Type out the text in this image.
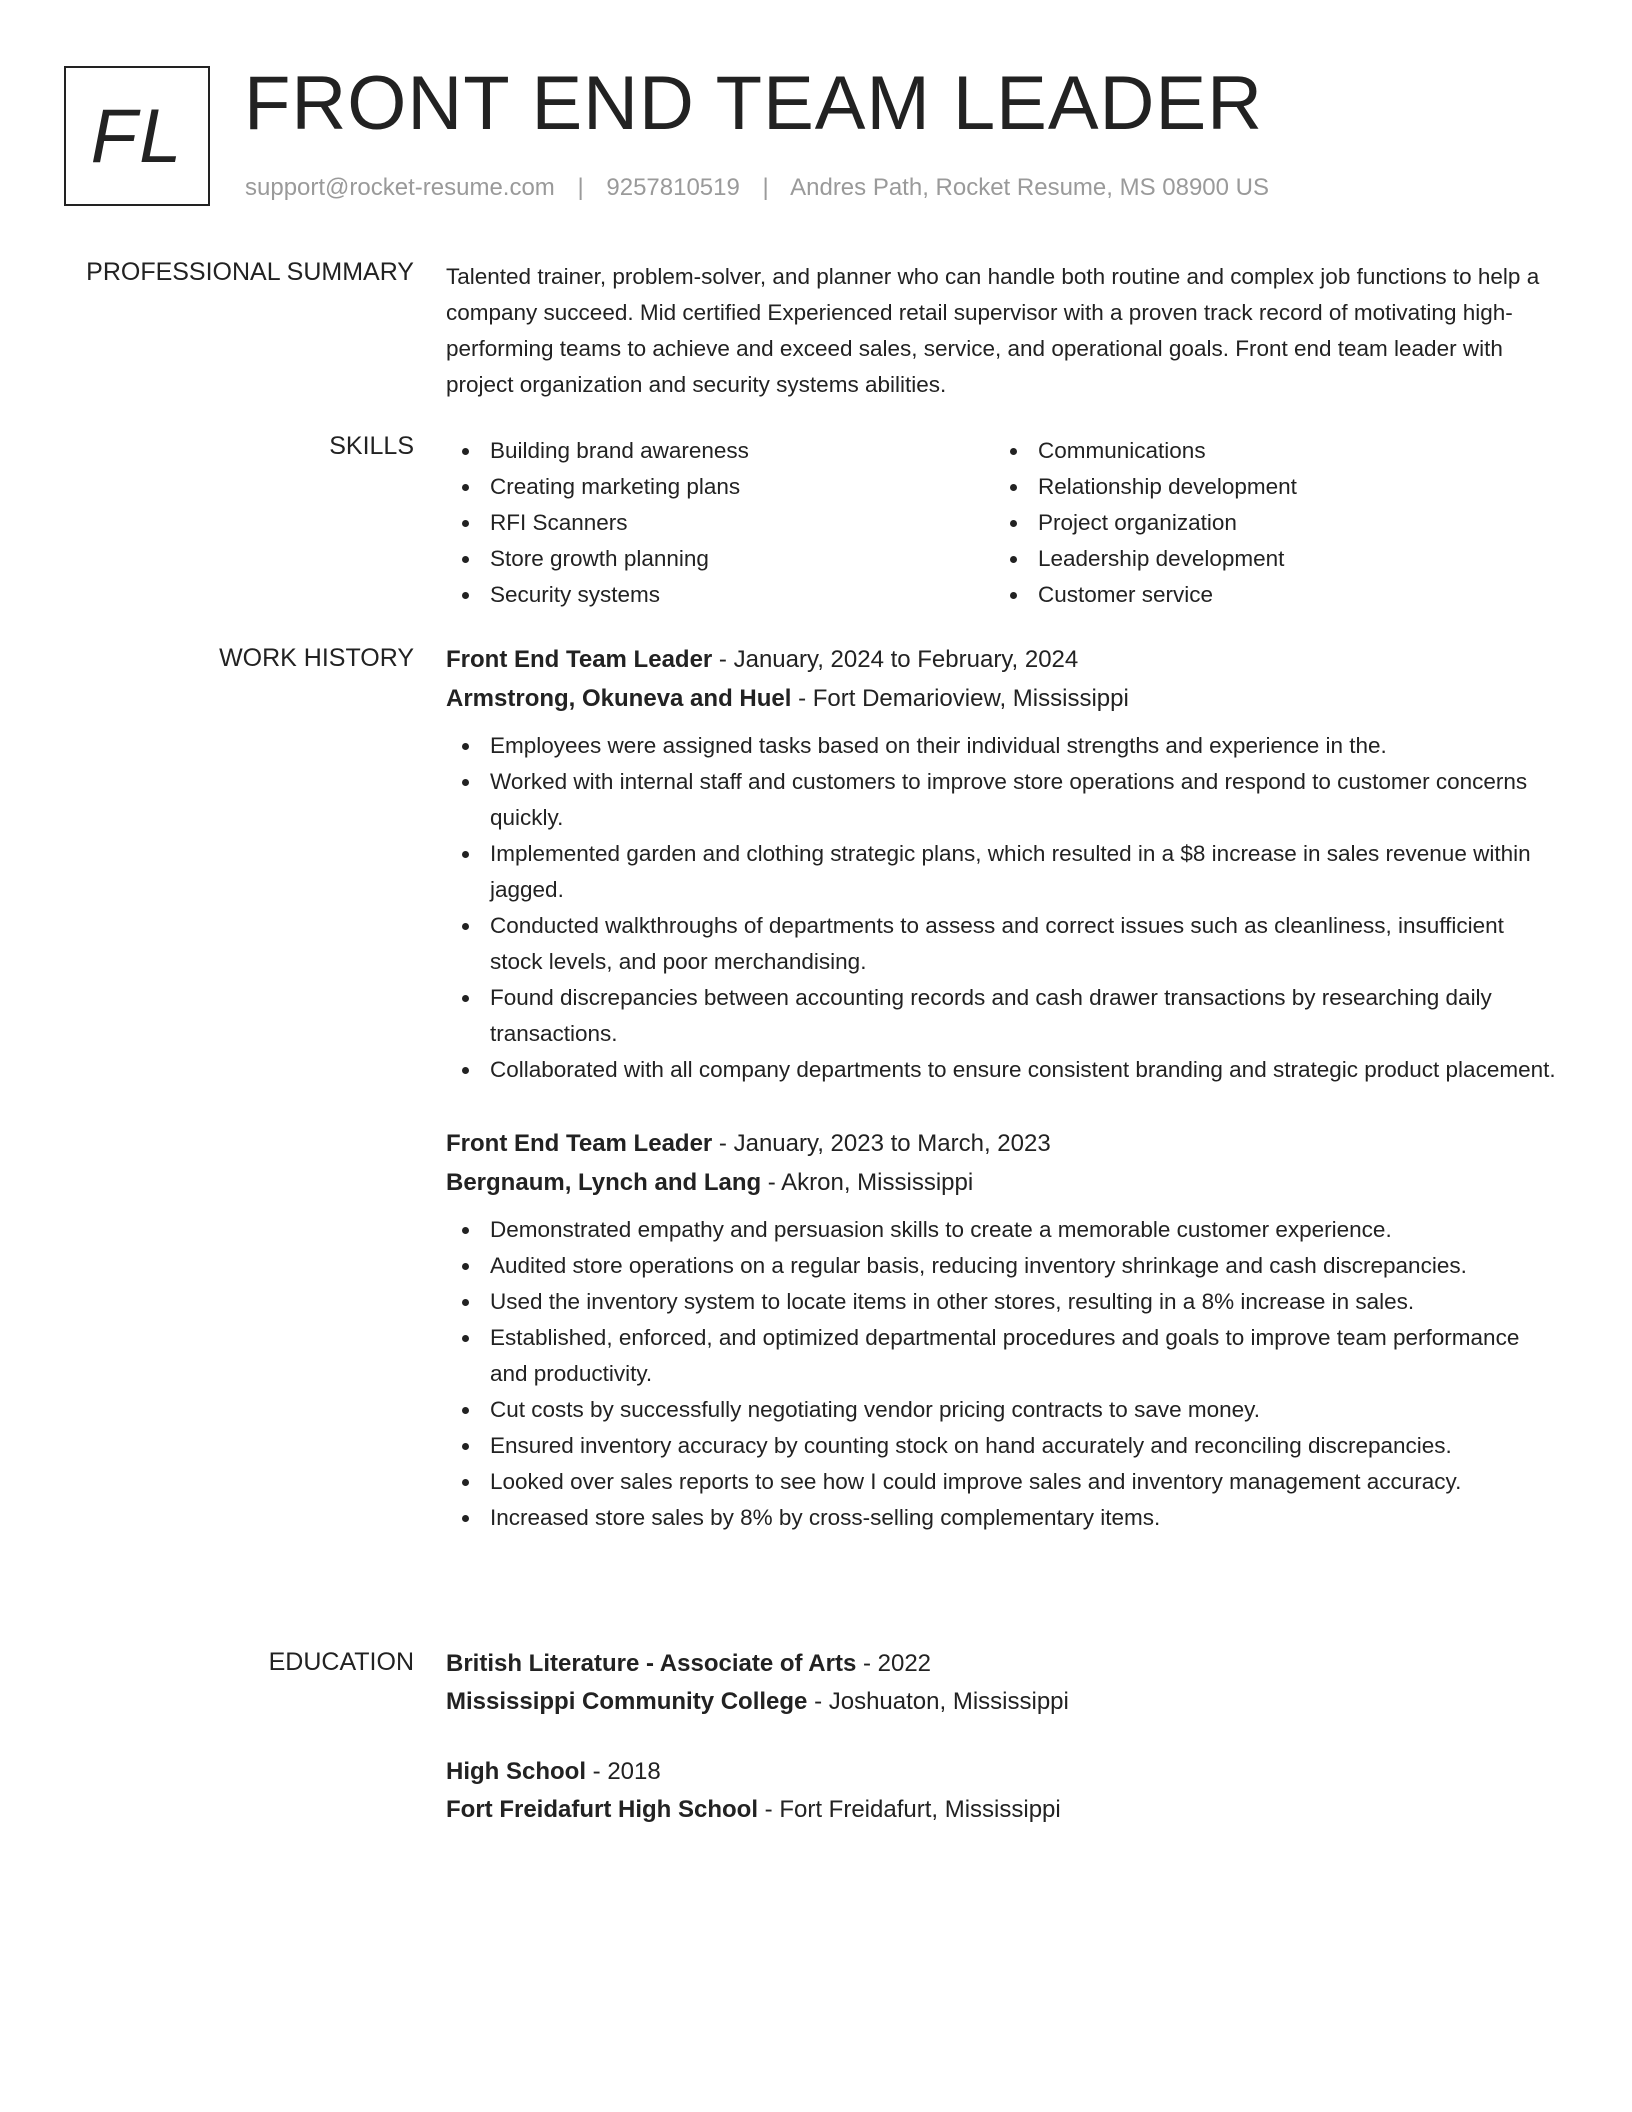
FL FRONT END TEAM LEADER
support@rocket-resume.com | 9257810519 | Andres Path, Rocket Resume, MS 08900 US
PROFESSIONAL SUMMARY Talented trainer, problem-solver, and planner who can handle both routine and complex job functions to help a company succeed. Mid certified Experienced retail supervisor with a proven track record of motivating high-performing teams to achieve and exceed sales, service, and operational goals. Front end team leader with project organization and security systems abilities.

SKILLS	Building brand awareness
Creating marketing plans
RFI Scanners
Store growth planning
Security systems
Communications
Relationship development
Project organization
Leadership development
Customer service
WORK HISTORY Front End Team Leader - January, 2024 to February, 2024
Armstrong, Okuneva and Huel - Fort Demarioview, Mississippi
Employees were assigned tasks based on their individual strengths and experience in the.
Worked with internal staff and customers to improve store operations and respond to customer concerns quickly.
Implemented garden and clothing strategic plans, which resulted in a $8 increase in sales revenue within jagged.
Conducted walkthroughs of departments to assess and correct issues such as cleanliness, insufficient stock levels, and poor merchandising.
Found discrepancies between accounting records and cash drawer transactions by researching daily transactions.
Collaborated with all company departments to ensure consistent branding and strategic product placement.
Front End Team Leader - January, 2023 to March, 2023
Bergnaum, Lynch and Lang - Akron, Mississippi
Demonstrated empathy and persuasion skills to create a memorable customer experience.
Audited store operations on a regular basis, reducing inventory shrinkage and cash discrepancies.
Used the inventory system to locate items in other stores, resulting in a 8% increase in sales.
Established, enforced, and optimized departmental procedures and goals to improve team performance and productivity.
Cut costs by successfully negotiating vendor pricing contracts to save money.
Ensured inventory accuracy by counting stock on hand accurately and reconciling discrepancies.
Looked over sales reports to see how I could improve sales and inventory management accuracy.
Increased store sales by 8% by cross-selling complementary items.
EDUCATION British Literature - Associate of Arts - 2022
Mississippi Community College - Joshuaton, Mississippi
High School - 2018
Fort Freidafurt High School - Fort Freidafurt, Mississippi
